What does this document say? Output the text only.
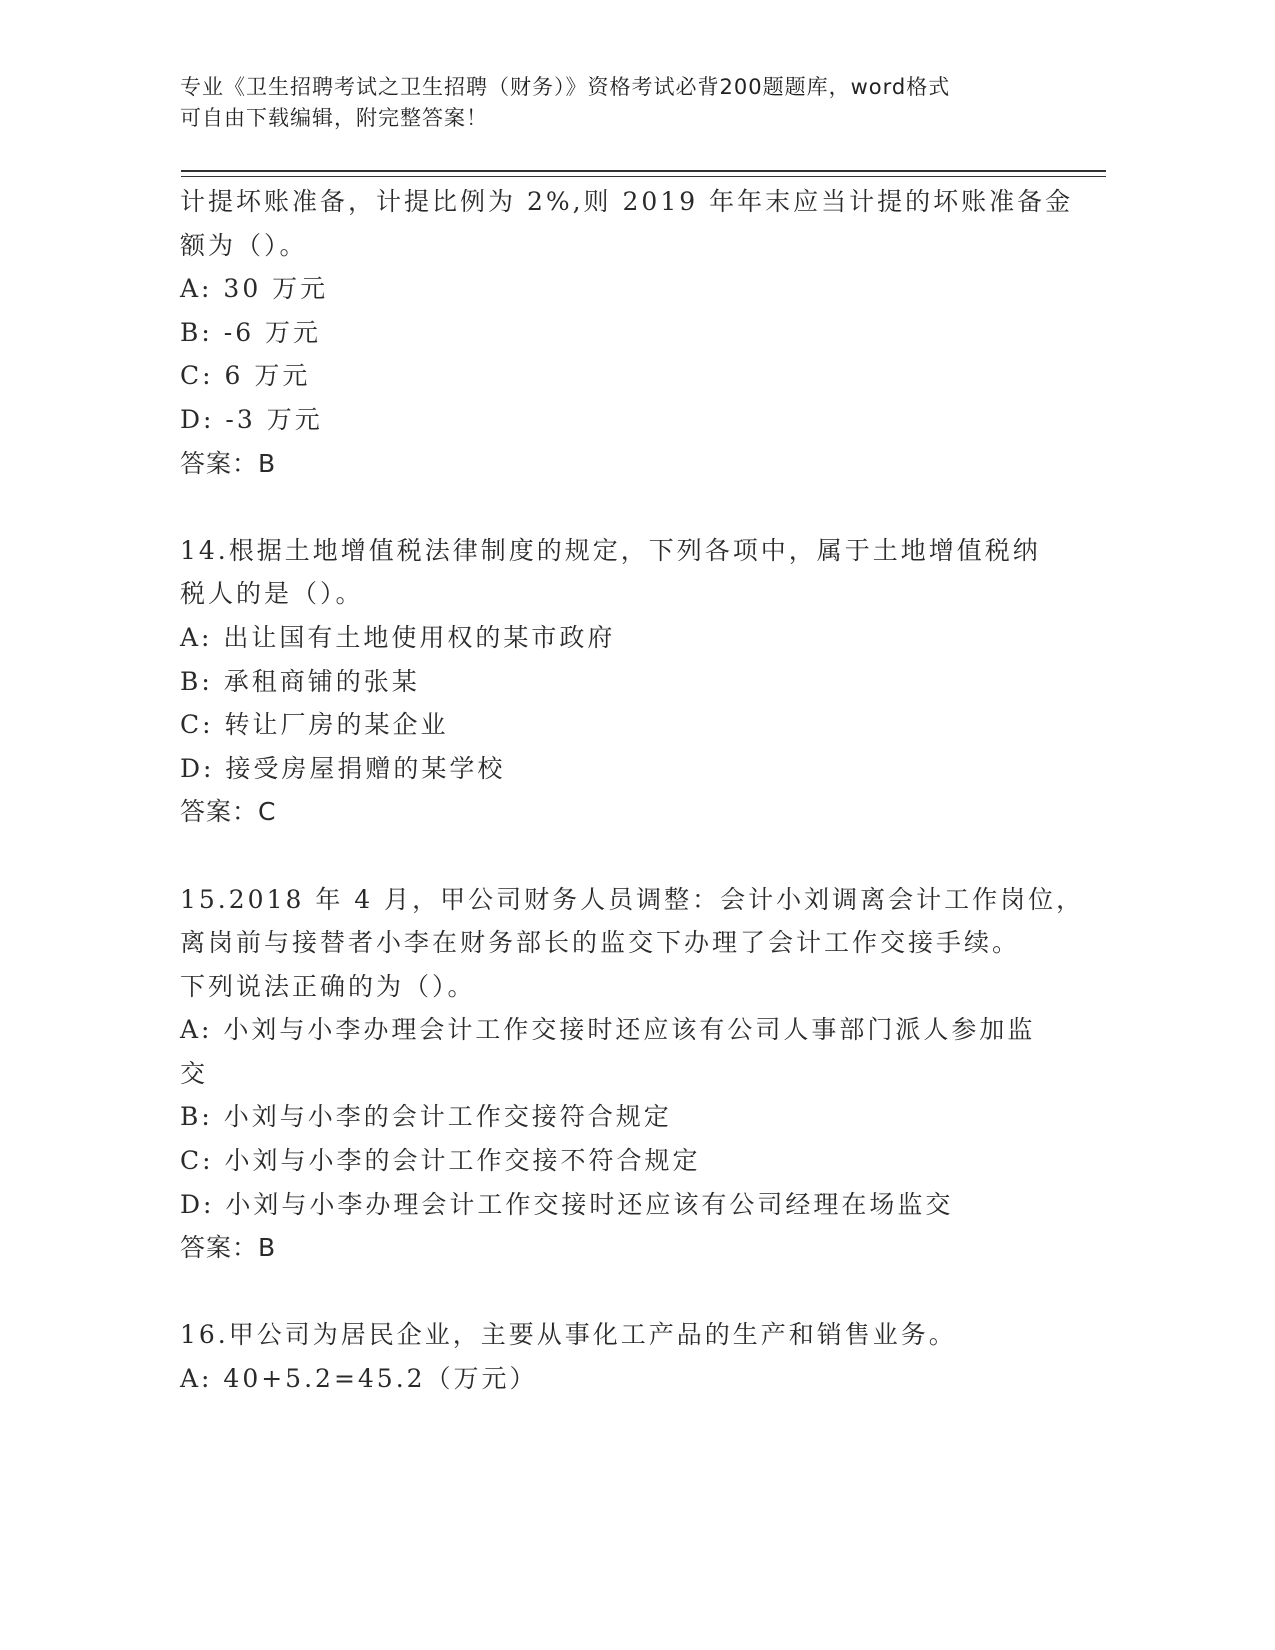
专业《卫生招聘考试之卫生招聘（财务）》资格考试必背200题题库，word格式
可自由下载编辑，附完整答案！
计提坏账准备，计提比例为 2%,则 2019 年年末应当计提的坏账准备金
额为（）。
A: 30 万元
B: -6 万元
C: 6 万元
D: -3 万元
答案：B
14.根据土地增值税法律制度的规定，下列各项中，属于土地增值税纳
税人的是（）。
A: 出让国有土地使用权的某市政府
B: 承租商铺的张某
C: 转让厂房的某企业
D: 接受房屋捐赠的某学校
答案：C
15.2018 年 4 月，甲公司财务人员调整：会计小刘调离会计工作岗位，
离岗前与接替者小李在财务部长的监交下办理了会计工作交接手续。
下列说法正确的为（）。
A: 小刘与小李办理会计工作交接时还应该有公司人事部门派人参加监
交
B: 小刘与小李的会计工作交接符合规定
C: 小刘与小李的会计工作交接不符合规定
D: 小刘与小李办理会计工作交接时还应该有公司经理在场监交
答案：B
16.甲公司为居民企业，主要从事化工产品的生产和销售业务。
A: 40+5.2=45.2（万元）
